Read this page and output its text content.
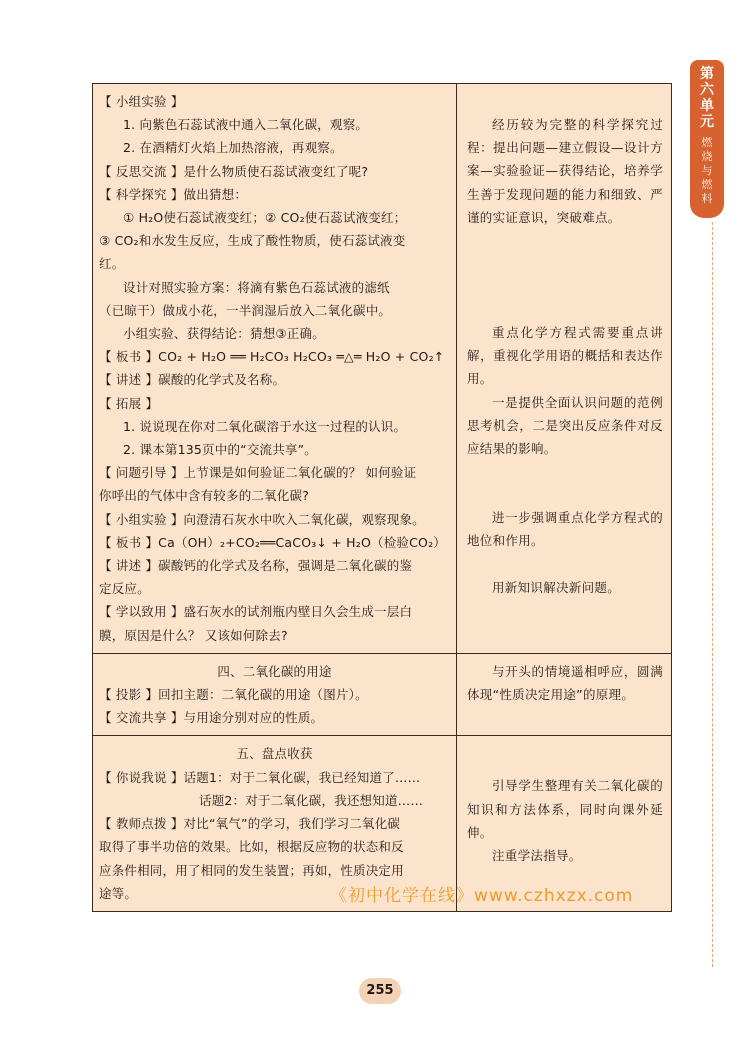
【 小组实验 】
1. 向紫色石蕊试液中通入二氧化碳，观察。
2. 在酒精灯火焰上加热溶液，再观察。
【 反思交流 】是什么物质使石蕊试液变红了呢?
【 科学探究 】做出猜想：
① H₂O使石蕊试液变红；② CO₂使石蕊试液变红；
③ CO₂和水发生反应，生成了酸性物质，使石蕊试液变
红。
设计对照实验方案：将滴有紫色石蕊试液的滤纸
（已晾干）做成小花，一半润湿后放入二氧化碳中。
小组实验、获得结论：猜想③正确。
【 板书 】CO₂ + H₂O ══ H₂CO₃ H₂CO₃ ═△═ H₂O + CO₂↑
【 讲述 】碳酸的化学式及名称。
【 拓展 】
1. 说说现在你对二氧化碳溶于水这一过程的认识。
2. 课本第135页中的“交流共享”。
【 问题引导 】上节课是如何验证二氧化碳的？ 如何验证
你呼出的气体中含有较多的二氧化碳?
【 小组实验 】向澄清石灰水中吹入二氧化碳，观察现象。
【 板书 】Ca（OH）₂+CO₂══CaCO₃↓ + H₂O（检验CO₂）
【 讲述 】碳酸钙的化学式及名称，强调是二氧化碳的鉴
定反应。
【 学以致用 】盛石灰水的试剂瓶内壁日久会生成一层白
膜，原因是什么？ 又该如何除去?

经历较为完整的科学探究过程：提出问题—建立假设—设计方案—实验验证—获得结论，培养学生善于发现问题的能力和细致、严谨的实证意识，突破难点。

重点化学方程式需要重点讲解，重视化学用语的概括和表达作用。

一是提供全面认识问题的范例思考机会，二是突出反应条件对反应结果的影响。

进一步强调重点化学方程式的地位和作用。

用新知识解决新问题。

四、二氧化碳的用途
【 投影 】回扣主题：二氧化碳的用途（图片）。
【 交流共享 】与用途分别对应的性质。

与开头的情境遥相呼应，圆满体现“性质决定用途”的原理。

五、盘点收获
【 你说我说 】话题1：对于二氧化碳，我已经知道了……
话题2：对于二氧化碳，我还想知道……
【 教师点拨 】对比“氧气”的学习，我们学习二氧化碳
取得了事半功倍的效果。比如，根据反应物的状态和反
应条件相同，用了相同的发生装置；再如，性质决定用
途等。

引导学生整理有关二氧化碳的知识和方法体系，同时向课外延伸。

注重学法指导。

第六单元
燃烧与燃料
《初中化学在线》www.czhxzx.com
255
